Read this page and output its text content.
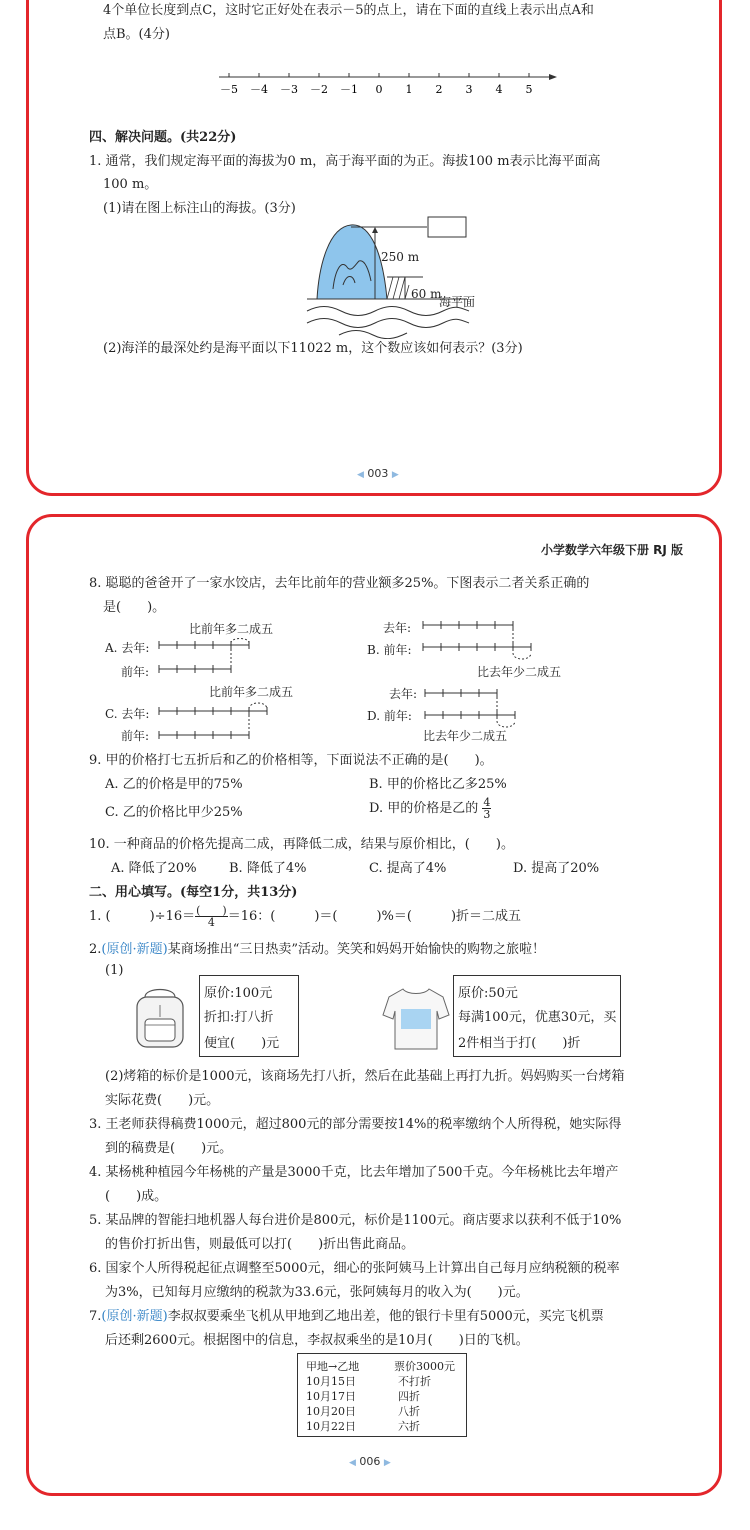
4个单位长度到点C，这时它正好处在表示－5的点上，请在下面的直线上表示出点A和
点B。(4分)
－5 －4 －3 －2 －1 0 1 2 3 4 5
四、解决问题。(共22分)
1. 通常，我们规定海平面的海拔为0 m，高于海平面的为正。海拔100 m表示比海平面高
100 m。
(1)请在图上标注山的海拔。(3分)
250 m
60 m
海平面
(2)海洋的最深处约是海平面以下11022 m，这个数应该如何表示？(3分)
◀ 003 ▶
小学数学六年级下册 RJ 版
8. 聪聪的爸爸开了一家水饺店，去年比前年的营业额多25%。下图表示二者关系正确的
是(　　)。
比前年多二成五
A. 去年:
前年:
去年:
B. 前年:
比去年少二成五
比前年多二成五
C. 去年:
前年:
去年:
D. 前年:
比去年少二成五
9. 甲的价格打七五折后和乙的价格相等，下面说法不正确的是(　　)。
A. 乙的价格是甲的75%	B. 甲的价格比乙多25%
C. 乙的价格比甲少25%	D. 甲的价格是乙的 $\frac{4}{3}$
10. 一种商品的价格先提高二成，再降低二成，结果与原价相比，(　　)。
A. 降低了20% B. 降低了4%	C. 提高了4%	D. 提高了20%
二、用心填写。(每空1分，共13分)
1. (　　　)$\div 16= \frac{( )}{4} =16$：(　　　)＝(　　　)%＝(　　　)折＝二成五
2.(原创·新题)某商场推出“三日热卖”活动。笑笑和妈妈开始愉快的购物之旅啦！
(1)
原价:100元
折扣:打八折
便宜(　　)元
原价:50元
每满100元，优惠30元，买
2件相当于打(　　)折
(2)烤箱的标价是1000元，该商场先打八折，然后在此基础上再打九折。妈妈购买一台烤箱
实际花费(　　)元。
3. 王老师获得稿费1000元，超过800元的部分需要按14%的税率缴纳个人所得税，她实际得
到的稿费是(　　)元。
4. 某杨桃种植园今年杨桃的产量是3000千克，比去年增加了500千克。今年杨桃比去年增产
(　　)成。
5. 某品牌的智能扫地机器人每台进价是800元，标价是1100元。商店要求以获利不低于10%
的售价打折出售，则最低可以打(　　)折出售此商品。
6. 国家个人所得税起征点调整至5000元，细心的张阿姨马上计算出自己每月应纳税额的税率
为3%，已知每月应缴纳的税款为33.6元，张阿姨每月的收入为(　　)元。
7.(原创·新题)李叔叔要乘坐飞机从甲地到乙地出差，他的银行卡里有5000元，买完飞机票
后还剩2600元。根据图中的信息，李叔叔乘坐的是10月(　　)日的飞机。
甲地→乙地	票价3000元
10月15日	不打折
10月17日	四折
10月20日	八折
10月22日	六折
◀ 006 ▶
